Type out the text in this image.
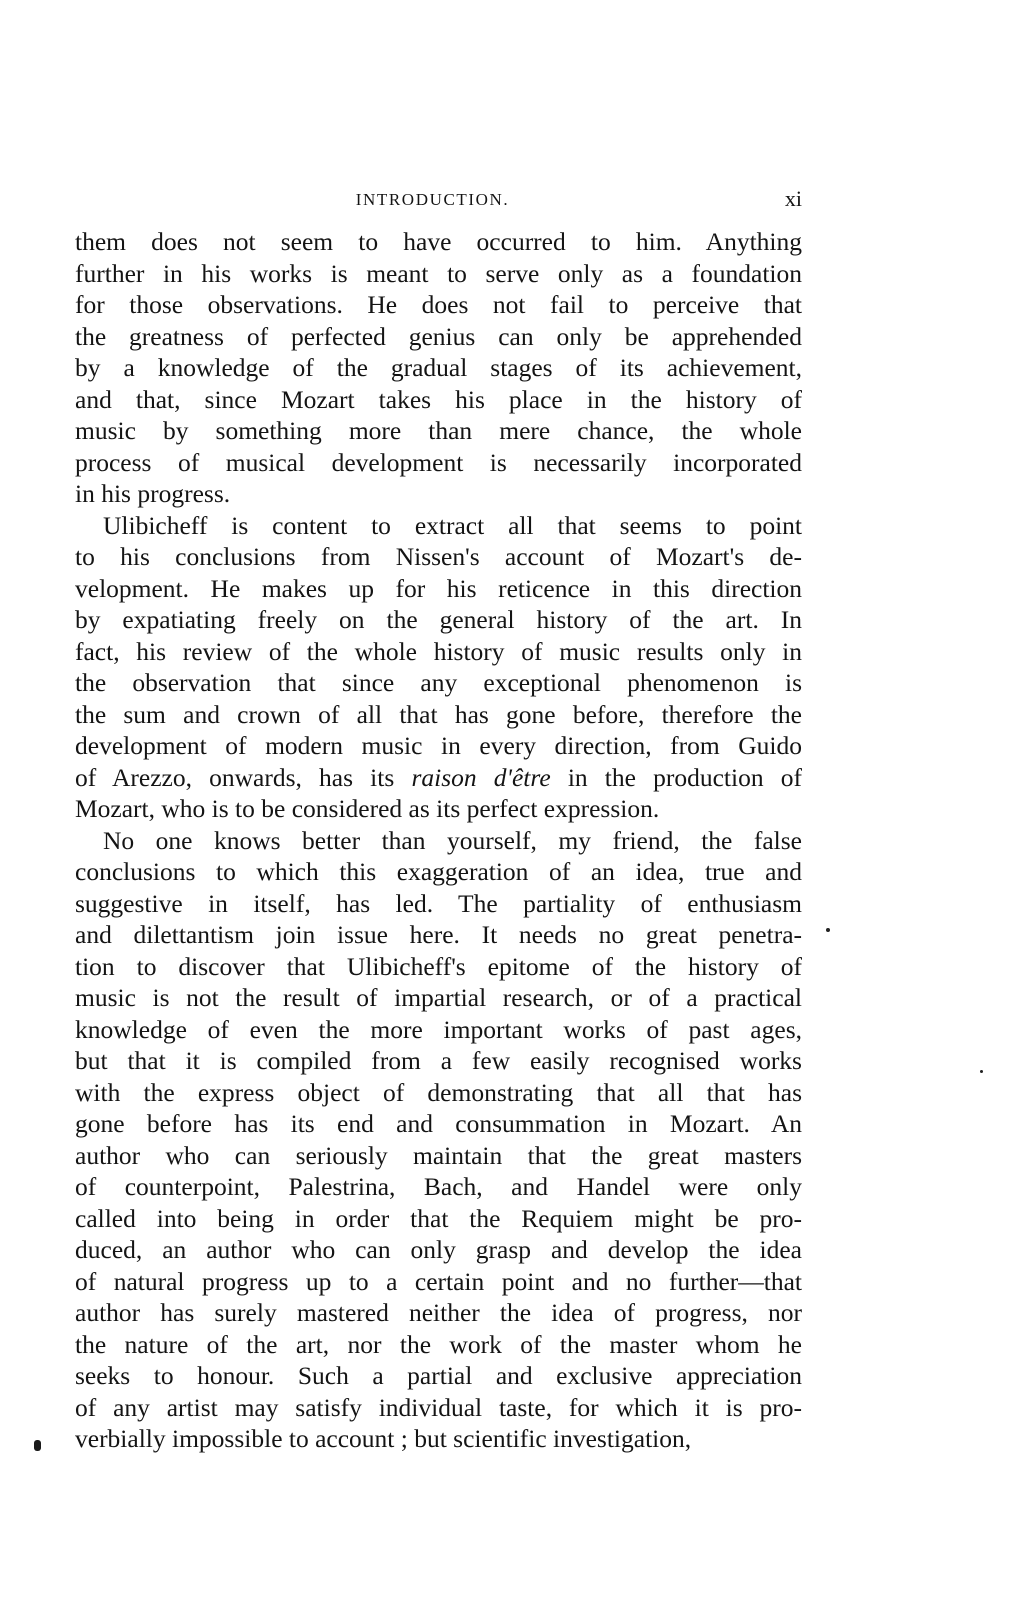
INTRODUCTION.	xi
them does not seem to have occurred to him. Anything
further in his works is meant to serve only as a foundation
for those observations. He does not fail to perceive that
the greatness of perfected genius can only be apprehended
by a knowledge of the gradual stages of its achievement,
and that, since Mozart takes his place in the history of
music by something more than mere chance, the whole
process of musical development is necessarily incorporated
in his progress.
Ulibicheff is content to extract all that seems to point
to his conclusions from Nissen's account of Mozart's de-
velopment. He makes up for his reticence in this direction
by expatiating freely on the general history of the art. In
fact, his review of the whole history of music results only in
the observation that since any exceptional phenomenon is
the sum and crown of all that has gone before, therefore the
development of modern music in every direction, from Guido
of Arezzo, onwards, has its raison d'être in the production of
Mozart, who is to be considered as its perfect expression.
No one knows better than yourself, my friend, the false
conclusions to which this exaggeration of an idea, true and
suggestive in itself, has led. The partiality of enthusiasm
and dilettantism join issue here. It needs no great penetra-
tion to discover that Ulibicheff's epitome of the history of
music is not the result of impartial research, or of a practical
knowledge of even the more important works of past ages,
but that it is compiled from a few easily recognised works
with the express object of demonstrating that all that has
gone before has its end and consummation in Mozart. An
author who can seriously maintain that the great masters
of counterpoint, Palestrina, Bach, and Handel were only
called into being in order that the Requiem might be pro-
duced, an author who can only grasp and develop the idea
of natural progress up to a certain point and no further—that
author has surely mastered neither the idea of progress, nor
the nature of the art, nor the work of the master whom he
seeks to honour. Such a partial and exclusive appreciation
of any artist may satisfy individual taste, for which it is pro-
verbially impossible to account ; but scientific investigation,
